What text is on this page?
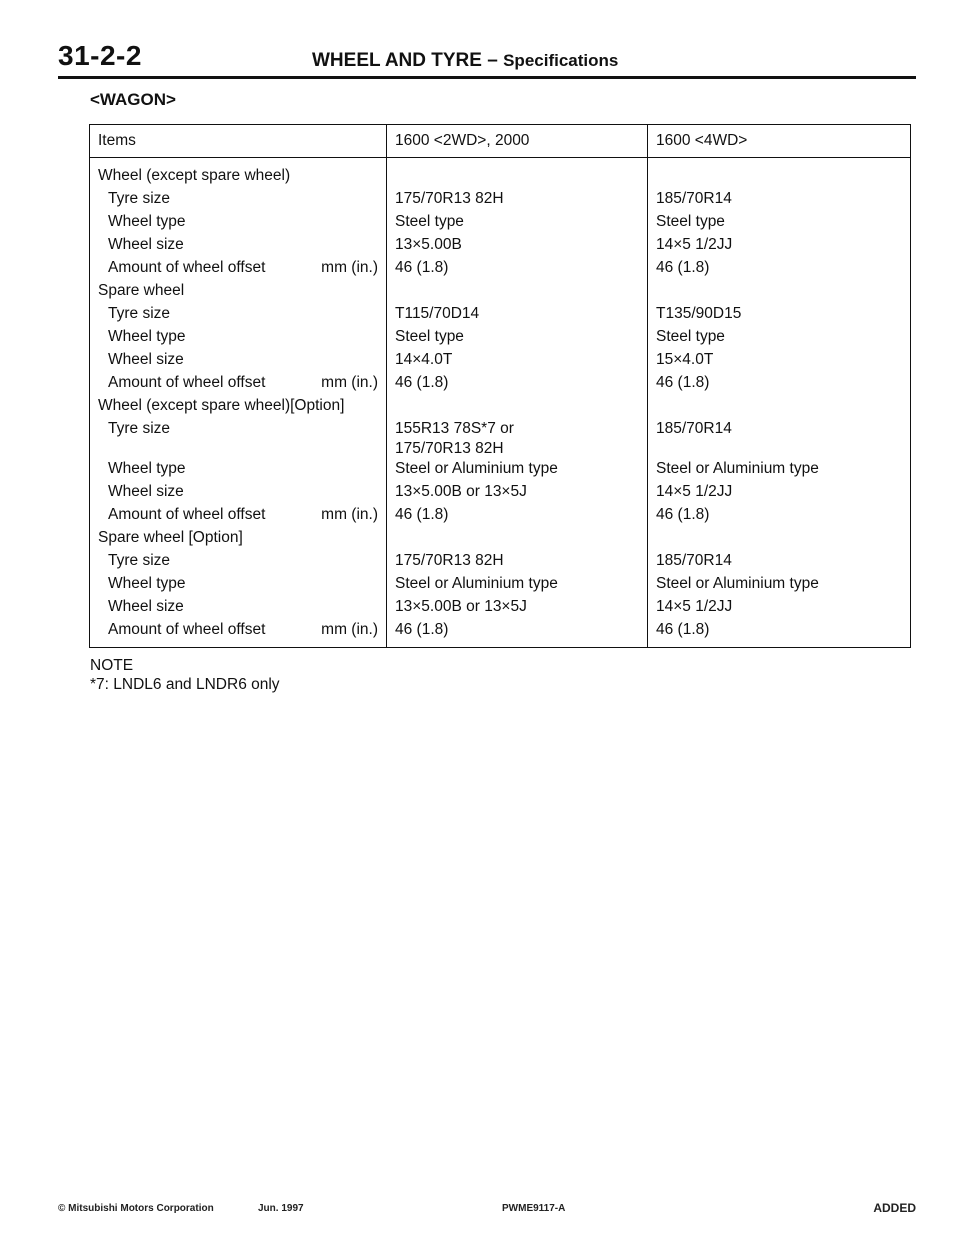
31-2-2	WHEEL AND TYRE – Specifications
<WAGON>
Items	1600 <2WD>, 2000	1600 <4WD>

Wheel (except spare wheel)		

Tyre size	175/70R13 82H	185/70R14

Wheel type	Steel type	Steel type

Wheel size	13×5.00B	14×5 1/2JJ

Amount of wheel offset mm (in.)	46 (1.8)	46 (1.8)

Spare wheel		

Tyre size	T115/70D14	T135/90D15

Wheel type	Steel type	Steel type

Wheel size	14×4.0T	15×4.0T

Amount of wheel offset mm (in.)	46 (1.8)	46 (1.8)

Wheel (except spare wheel)[Option]		

Tyre size	155R13 78S*7 or
175/70R13 82H	185/70R14

Wheel type	Steel or Aluminium type	Steel or Aluminium type

Wheel size	13×5.00B or 13×5J	14×5 1/2JJ

Amount of wheel offset mm (in.)	46 (1.8)	46 (1.8)

Spare wheel [Option]		

Tyre size	175/70R13 82H	185/70R14

Wheel type	Steel or Aluminium type	Steel or Aluminium type

Wheel size	13×5.00B or 13×5J	14×5 1/2JJ

Amount of wheel offset mm (in.)	46 (1.8)	46 (1.8)
NOTE
*7: LNDL6 and LNDR6 only
© Mitsubishi Motors Corporation	Jun. 1997	PWME9117-A	ADDED
